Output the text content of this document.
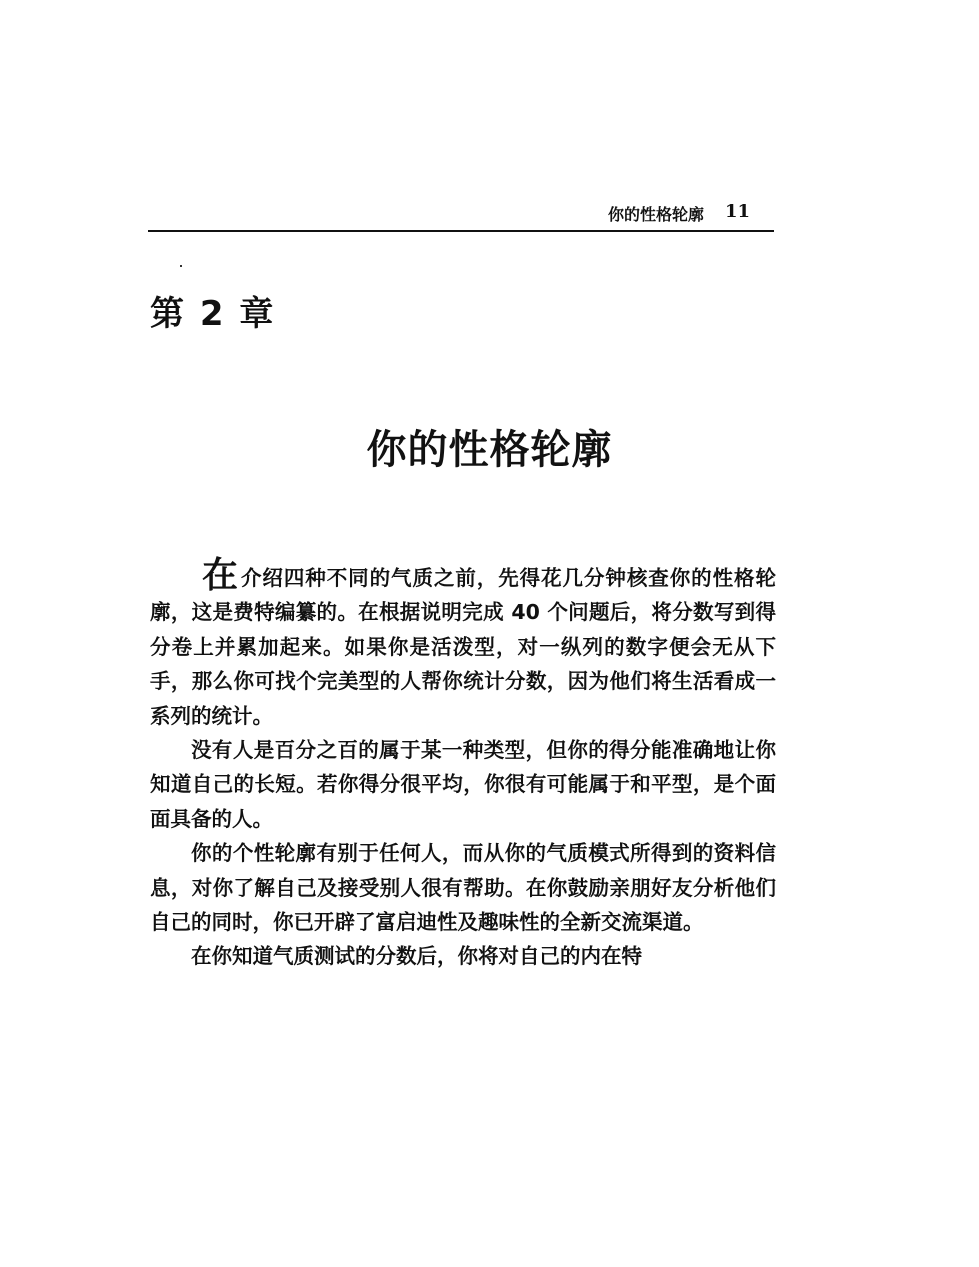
你的性格轮廓 11
第 2 章
你的性格轮廓

在介绍四种不同的气质之前，先得花几分钟核查你的性格轮廓，这是费特编纂的。在根据说明完成 40 个问题后，将分数写到得分卷上并累加起来。如果你是活泼型，对一纵列的数字便会无从下手，那么你可找个完美型的人帮你统计分数，因为他们将生活看成一系列的统计。

没有人是百分之百的属于某一种类型，但你的得分能准确地让你知道自己的长短。若你得分很平均，你很有可能属于和平型，是个面面具备的人。

你的个性轮廓有别于任何人，而从你的气质模式所得到的资料信息，对你了解自己及接受别人很有帮助。在你鼓励亲朋好友分析他们自己的同时，你已开辟了富启迪性及趣味性的全新交流渠道。

在你知道气质测试的分数后，你将对自己的内在特
